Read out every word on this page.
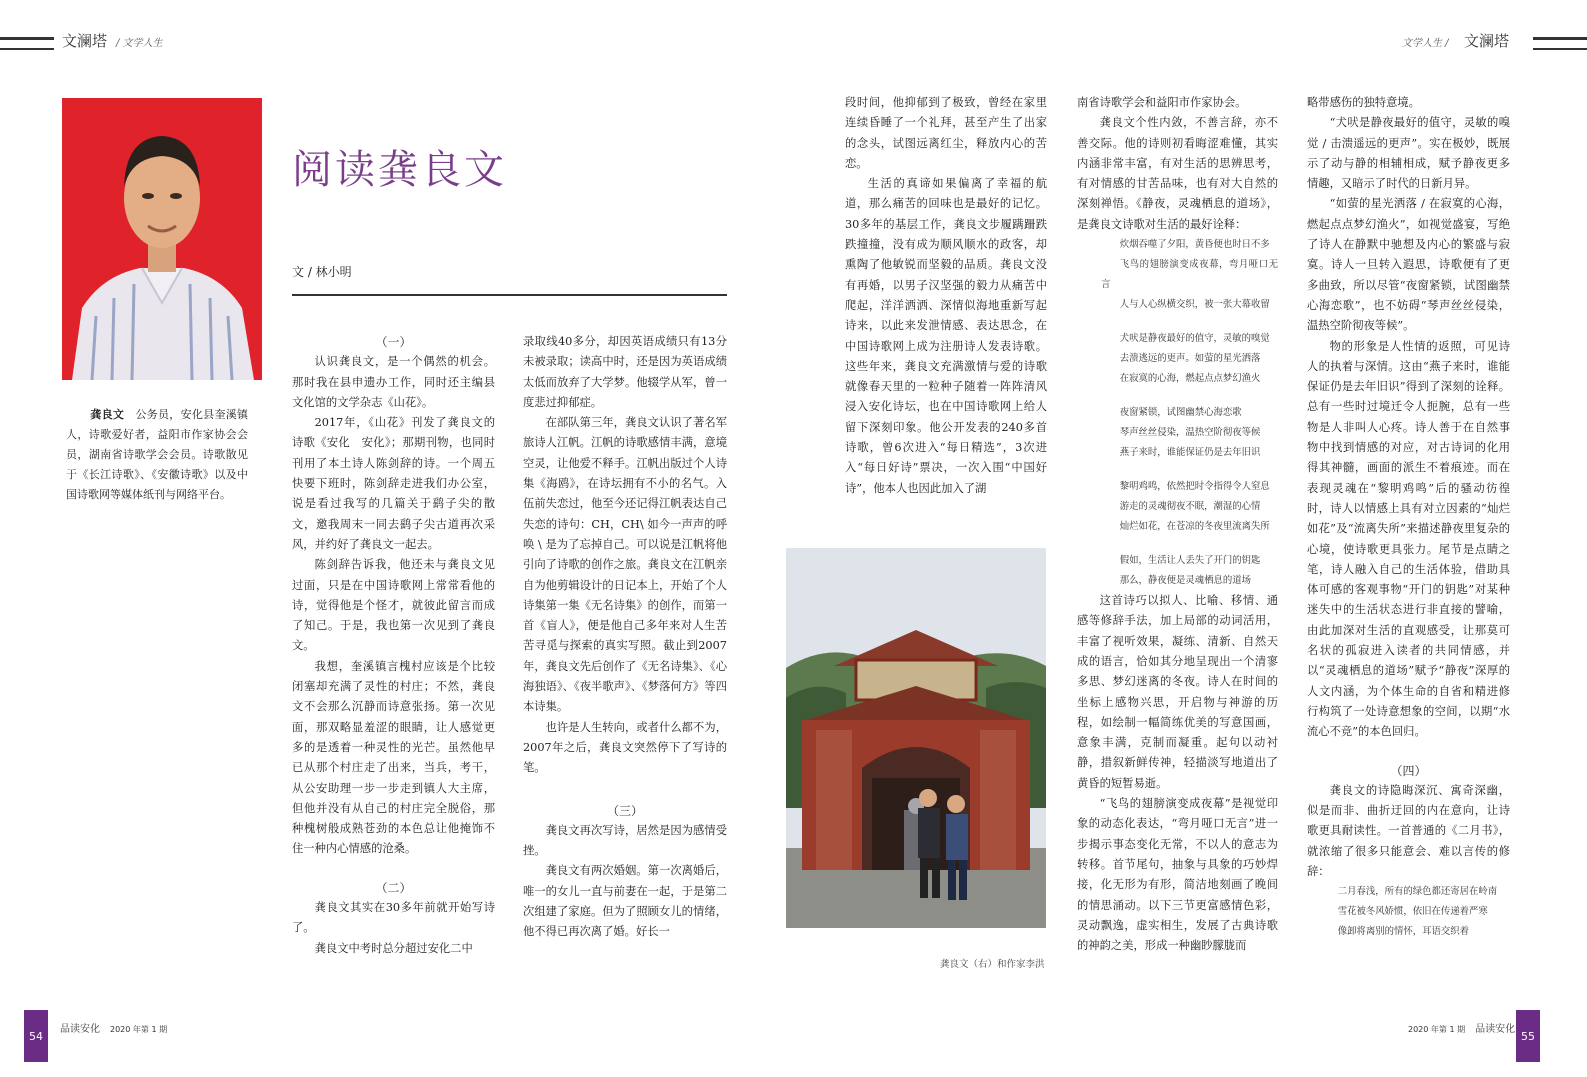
文澜塔 / 文学人生	文学人生 / 文澜塔
龚良文　 公务员，安化县奎溪镇人，诗歌爱好者，益阳市作家协会会员，湖南省诗歌学会会员。诗歌散见于《长江诗歌》、《安徽诗歌》以及中国诗歌网等媒体纸刊与网络平台。
阅读龚良文
文 / 林小明

（一）

认识龚良文，是一个偶然的机会。那时我在县申遗办工作，同时还主编县文化馆的文学杂志《山花》。

2017年，《山花》刊发了龚良文的诗歌《安化　安化》；那期刊物，也同时刊用了本土诗人陈剑辞的诗。一个周五快要下班时，陈剑辞走进我们办公室，说是看过我写的几篇关于鹞子尖的散文，邀我周末一同去鹞子尖古道再次采风，并约好了龚良文一起去。

陈剑辞告诉我，他还未与龚良文见过面，只是在中国诗歌网上常常看他的诗，觉得他是个怪才，就彼此留言而成了知己。于是，我也第一次见到了龚良文。

我想，奎溪镇言槐村应该是个比较闭塞却充满了灵性的村庄；不然，龚良文不会那么沉静而诗意张扬。第一次见面，那双略显羞涩的眼睛，让人感觉更多的是透着一种灵性的光芒。虽然他早已从那个村庄走了出来，当兵，考干，从公安助理一步一步走到镇人大主席，但他并没有从自己的村庄完全脱俗，那种槐树般成熟苍劲的本色总让他掩饰不住一种内心情感的沧桑。

（二）

龚良文其实在30多年前就开始写诗了。

龚良文中考时总分超过安化二中

录取线40多分，却因英语成绩只有13分未被录取；读高中时，还是因为英语成绩太低而放弃了大学梦。他辍学从军，曾一度悲过抑郁症。

在部队第三年，龚良文认识了著名军旅诗人江帆。江帆的诗歌感情丰满，意境空灵，让他爱不释手。江帆出版过个人诗集《海鸥》，在诗坛拥有不小的名气。入伍前失恋过，他至今还记得江帆表达自己失恋的诗句：CH，CH\ 如今一声声的呼唤 \ 是为了忘掉自己。可以说是江帆将他引向了诗歌的创作之旅。龚良文在江帆亲自为他剪辑设计的日记本上，开始了个人诗集第一集《无名诗集》的创作，而第一首《盲人》，便是他自己多年来对人生苦苦寻觅与探索的真实写照。截止到2007年，龚良文先后创作了《无名诗集》、《心海独语》、《夜半歌声》、《梦落何方》等四本诗集。

也许是人生转向，或者什么都不为，2007年之后，龚良文突然停下了写诗的笔。

（三）

龚良文再次写诗，居然是因为感情受挫。

龚良文有两次婚姻。第一次离婚后，唯一的女儿一直与前妻在一起，于是第二次组建了家庭。但为了照顾女儿的情绪，他不得已再次离了婚。好长一

段时间，他抑郁到了极致，曾经在家里连续昏睡了一个礼拜，甚至产生了出家的念头，试图远离红尘，释放内心的苦恋。

生活的真谛如果偏离了幸福的航道，那么痛苦的回味也是最好的记忆。30多年的基层工作，龚良文步履蹒跚跌跌撞撞，没有成为顺风顺水的政客，却熏陶了他敏锐而坚毅的品质。龚良文没有再婚，以男子汉坚强的毅力从痛苦中爬起，洋洋洒洒、深情似海地重新写起诗来，以此来发泄情感、表达思念，在中国诗歌网上成为注册诗人发表诗歌。这些年来，龚良文充满激情与爱的诗歌就像春天里的一粒种子随着一阵阵清风浸入安化诗坛，也在中国诗歌网上给人留下深刻印象。他公开发表的240多首诗歌，曾6次进入“每日精选”，3次进入“每日好诗”票决，一次入围“中国好诗”，他本人也因此加入了湖

龚良文（右）和作家李洪

南省诗歌学会和益阳市作家协会。

龚良文个性内敛，不善言辞，亦不善交际。他的诗则初看晦涩难懂，其实内涵非常丰富，有对生活的思辨思考，有对情感的甘苦品味，也有对大自然的深刻禅悟。《静夜，灵魂栖息的道场》，是龚良文诗歌对生活的最好诠释：

炊烟吞噬了夕阳，黄昏便也时日不多

飞鸟的翅膀演变成夜幕，弯月哑口无言

人与人心纵横交织，被一张大幕收留

犬吠是静夜最好的值守，灵敏的嗅觉

去溃逃远的更声。如萤的星光洒落

在寂寞的心海，燃起点点梦幻渔火

夜窗紧锁，试图幽禁心海恋歌

琴声丝丝侵染，温热空阶彻夜等候

燕子来时，谁能保证仍是去年旧识

黎明鸡鸣，依然把时令指得令人窒息

游走的灵魂彻夜不眠，潮湿的心情

灿烂如花，在苍凉的冬夜里流离失所

假如，生活让人丢失了开门的钥匙

那么，静夜便是灵魂栖息的道场

这首诗巧以拟人、比喻、移情、通感等修辞手法，加上局部的动词活用，丰富了视听效果，凝练、清新、自然天成的语言，恰如其分地呈现出一个清寥多思、梦幻迷离的冬夜。诗人在时间的坐标上感物兴思，开启物与神游的历程，如绘制一幅简练优美的写意国画，意象丰满，克制而凝重。起句以动衬静，措叙新鲜传神，轻描淡写地道出了黄昏的短暂易逝。

“飞鸟的翅膀演变成夜幕”是视觉印象的动态化表达，“弯月哑口无言”进一步揭示事态变化无常，不以人的意志为转移。首节尾句，抽象与具象的巧妙焊接，化无形为有形，简洁地刻画了晚间的情思涌动。以下三节更富感情色彩，灵动飘逸，虚实相生，发展了古典诗歌的神韵之美，形成一种幽眇朦胧而

略带感伤的独特意境。

“犬吠是静夜最好的值守，灵敏的嗅觉 / 击溃遥远的更声”。实在极妙，既展示了动与静的相辅相成，赋予静夜更多情趣，又暗示了时代的日新月异。

“如萤的星光洒落 / 在寂寞的心海，燃起点点梦幻渔火”，如视觉盛宴，写绝了诗人在静默中驰想及内心的繁盛与寂寞。诗人一旦转入遐思，诗歌便有了更多曲致，所以尽管“夜窗紧锁，试图幽禁心海恋歌”，也不妨碍“琴声丝丝侵染，温热空阶彻夜等候”。

物的形象是人性情的返照，可见诗人的执着与深情。这由“燕子来时，谁能保证仍是去年旧识”得到了深刻的诠释。总有一些时过境迁令人扼腕，总有一些物是人非叫人心疼。诗人善于在自然事物中找到情感的对应，对古诗词的化用得其神髓，画面的派生不着痕迹。而在表现灵魂在“黎明鸡鸣”后的骚动彷徨时，诗人以情感上具有对立因素的“灿烂如花”及“流离失所”来描述静夜里复杂的心境，使诗歌更具张力。尾节是点睛之笔，诗人融入自己的生活体验，借助具体可感的客观事物“开门的钥匙”对某种迷失中的生活状态进行非直接的譬喻，由此加深对生活的直观感受，让那莫可名状的孤寂进入读者的共同情感，并以“灵魂栖息的道场”赋予“静夜”深厚的人文内涵，为个体生命的自省和精进修行构筑了一处诗意想象的空间，以期“水流心不竞”的本色回归。

（四）

龚良文的诗隐晦深沉、寓奇深幽，似是而非、曲折迂回的内在意向，让诗歌更具耐读性。一首普通的《二月书》，就浓缩了很多只能意会、难以言传的修辞：

二月春浅，所有的绿色都还寄居在岭南

雪花被冬风娇惯，依旧在传递着严寒

像卸将离别的情怀，耳语交织着

54	品读安化 2020 年第 1 期	2020 年第 1 期 品读安化 55
